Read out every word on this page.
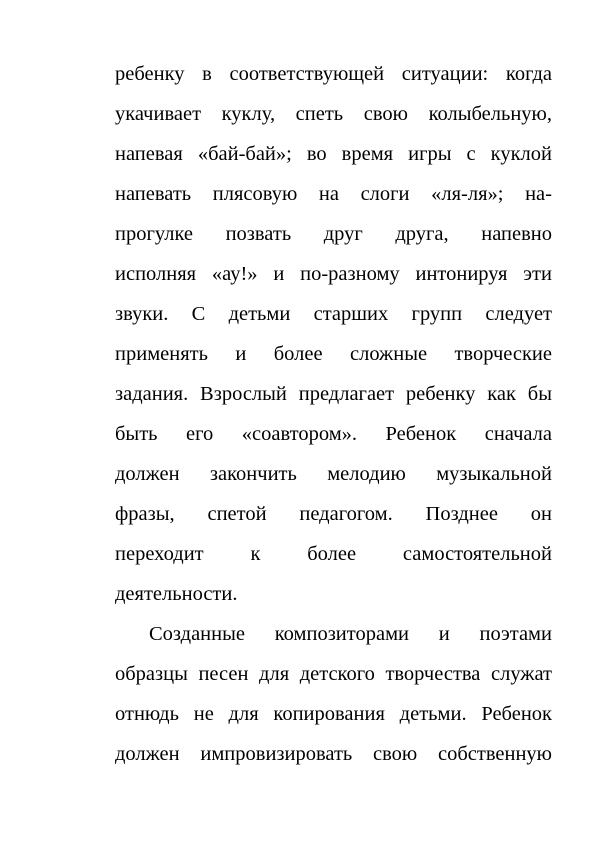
ребенку в соответствующей ситуации: когда
укачивает куклу, спеть свою колыбельную,
напевая «бай-бай»; во время игры с куклой
напевать плясовую на слоги «ля-ля»; на-
прогулке позвать друг друга, напевно
исполняя «ау!» и по-разному интонируя эти
звуки. С детьми старших групп следует
применять и более сложные творческие
задания. Взрослый предлагает ребенку как бы
быть его «соавтором». Ребенок сначала
должен закончить мелодию музыкальной
фразы, спетой педагогом. Позднее он
переходит к более самостоятельной
деятельности.
Созданные композиторами и поэтами
образцы песен для детского творчества служат
отнюдь не для копирования детьми. Ребенок
должен импровизировать свою собственную
